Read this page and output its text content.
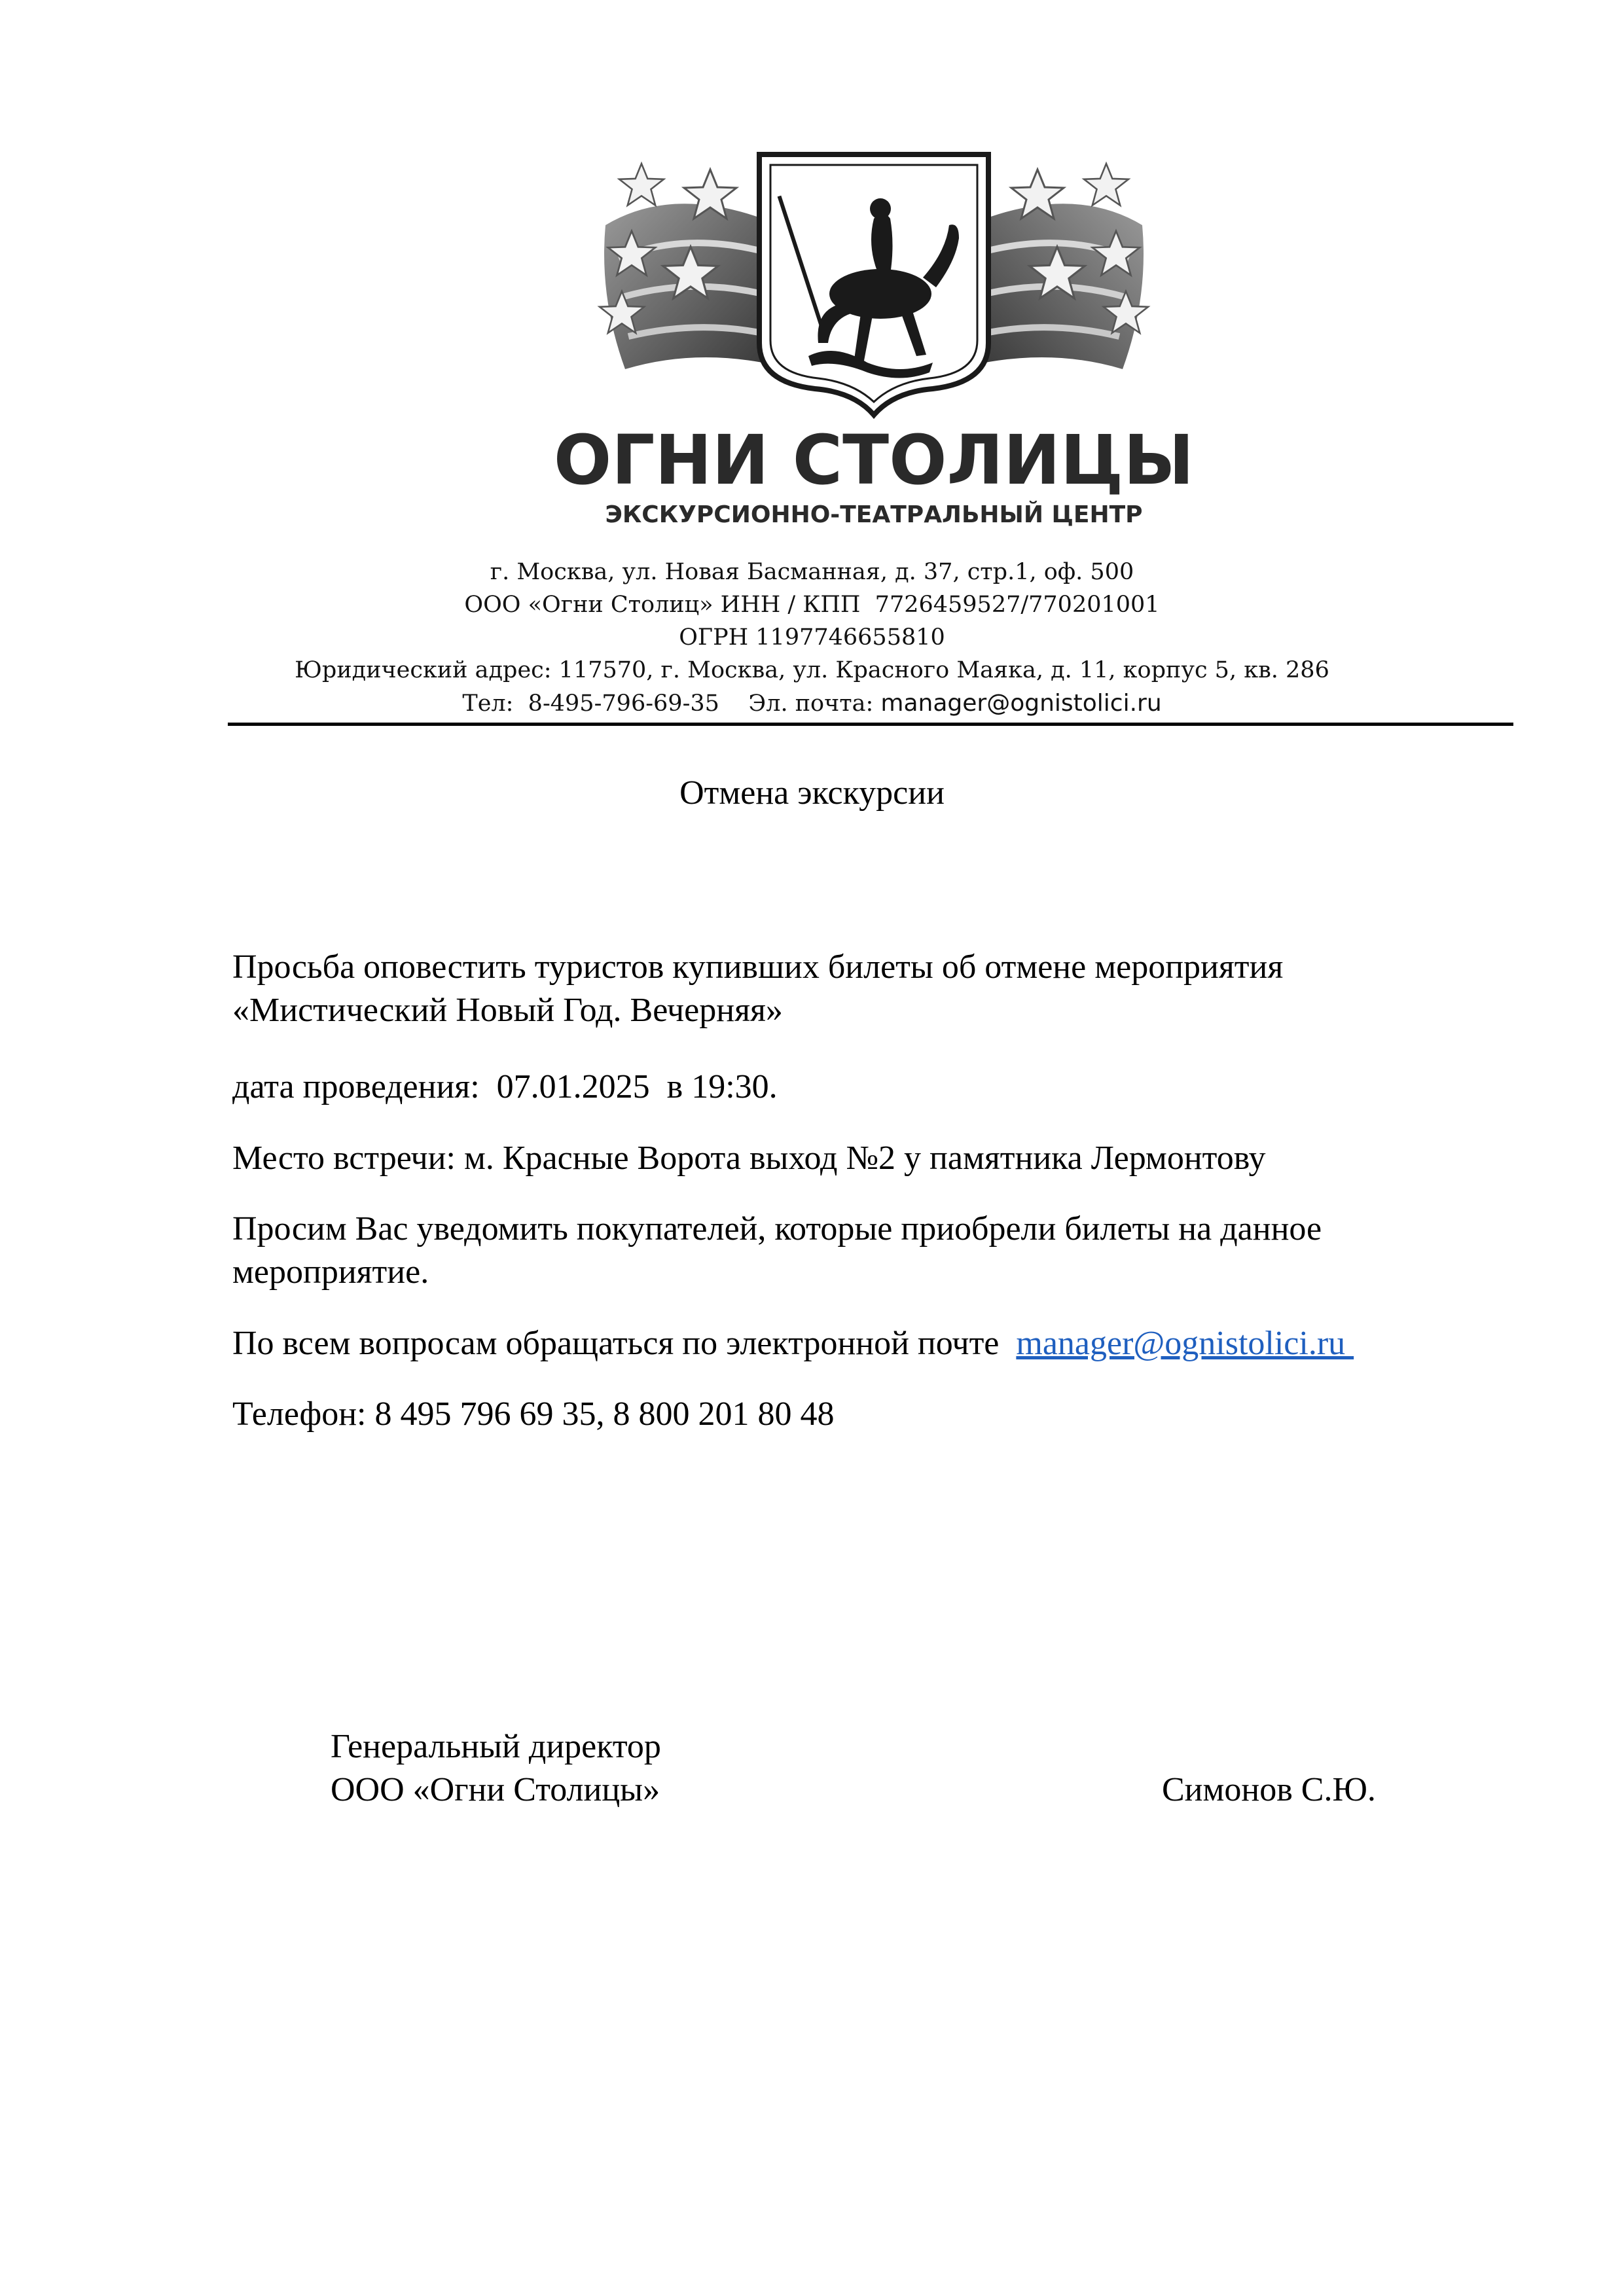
ОГНИ СТОЛИЦЫ
ЭКСКУРСИОННО-ТЕАТРАЛЬНЫЙ ЦЕНТР
г. Москва, ул. Новая Басманная, д. 37, стр.1, оф. 500
ООО «Огни Столиц» ИНН / КПП  7726459527/770201001
ОГРН 1197746655810
Юридический адрес: 117570, г. Москва, ул. Красного Маяка, д. 11, корпус 5, кв. 286
Тел:  8-495-796-69-35    Эл. почта: manager@ognistolici.ru
Отмена экскурсии
Просьба оповестить туристов купивших билеты об отмене мероприятия
«Мистический Новый Год. Вечерняя»
дата проведения:  07.01.2025  в 19:30.
Место встречи: м. Красные Ворота выход №2 у памятника Лермонтову
Просим Вас уведомить покупателей, которые приобрели билеты на данное
мероприятие.
По всем вопросам обращаться по электронной почте  manager@ognistolici.ru
Телефон: 8 495 796 69 35, 8 800 201 80 48
Генеральный директор
ООО «Огни Столицы»	Симонов С.Ю.
